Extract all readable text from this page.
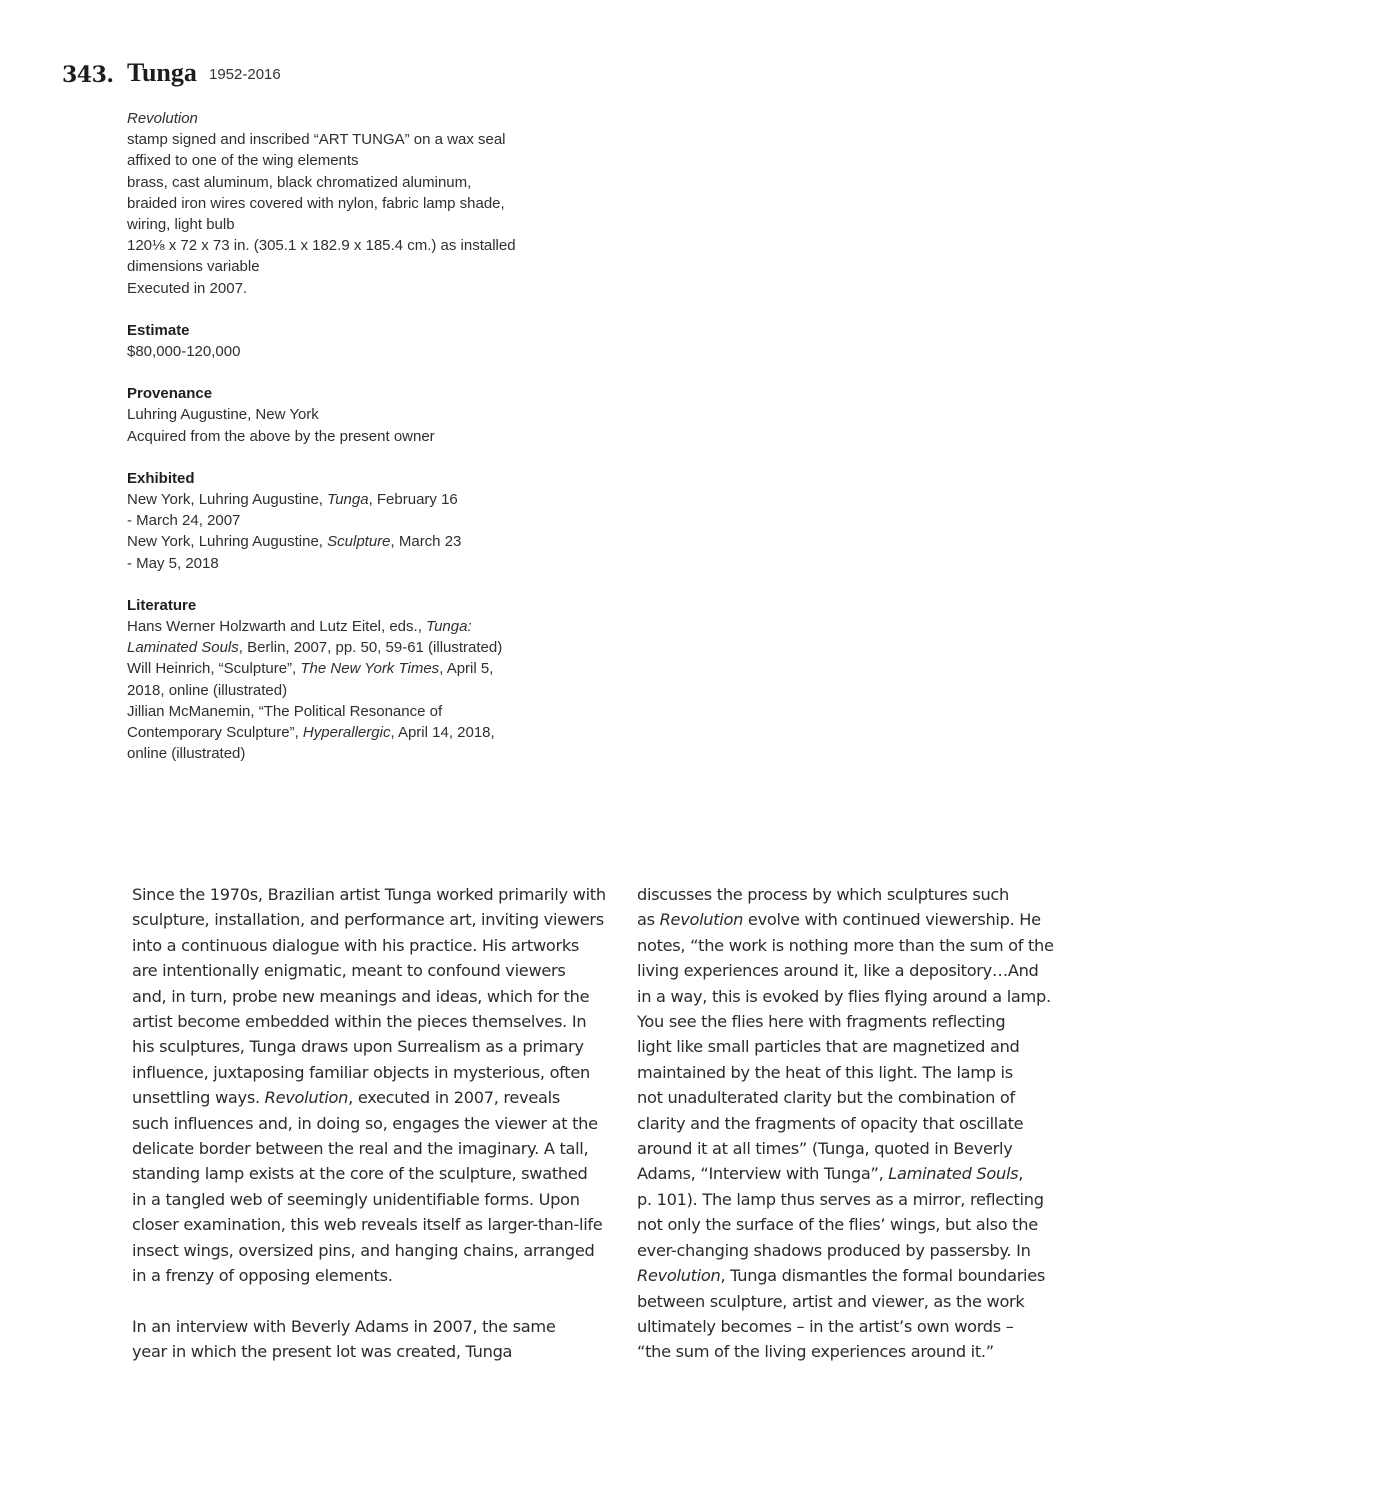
343. Tunga 1952-2016

Revolution

stamp signed and inscribed “ART TUNGA” on a wax seal

affixed to one of the wing elements

brass, cast aluminum, black chromatized aluminum,

braided iron wires covered with nylon, fabric lamp shade,

wiring, light bulb

120⅛ x 72 x 73 in. (305.1 x 182.9 x 185.4 cm.) as installed

dimensions variable

Executed in 2007.

Estimate

$80,000-120,000

Provenance

Luhring Augustine, New York

Acquired from the above by the present owner

Exhibited

New York, Luhring Augustine, Tunga, February 16

- March 24, 2007

New York, Luhring Augustine, Sculpture, March 23

- May 5, 2018

Literature

Hans Werner Holzwarth and Lutz Eitel, eds., Tunga:

Laminated Souls, Berlin, 2007, pp. 50, 59-61 (illustrated)

Will Heinrich, “Sculpture”, The New York Times, April 5,

2018, online (illustrated)

Jillian McManemin, “The Political Resonance of

Contemporary Sculpture”, Hyperallergic, April 14, 2018,

online (illustrated)

Since the 1970s, Brazilian artist Tunga worked primarily with
sculpture, installation, and performance art, inviting viewers
into a continuous dialogue with his practice. His artworks
are intentionally enigmatic, meant to confound viewers
and, in turn, probe new meanings and ideas, which for the
artist become embedded within the pieces themselves. In
his sculptures, Tunga draws upon Surrealism as a primary
influence, juxtaposing familiar objects in mysterious, often
unsettling ways. Revolution, executed in 2007, reveals
such influences and, in doing so, engages the viewer at the
delicate border between the real and the imaginary. A tall,
standing lamp exists at the core of the sculpture, swathed
in a tangled web of seemingly unidentifiable forms. Upon
closer examination, this web reveals itself as larger-than-life
insect wings, oversized pins, and hanging chains, arranged
in a frenzy of opposing elements.

In an interview with Beverly Adams in 2007, the same
year in which the present lot was created, Tunga

discusses the process by which sculptures such
as Revolution evolve with continued viewership. He
notes, “the work is nothing more than the sum of the
living experiences around it, like a depository…And
in a way, this is evoked by flies flying around a lamp.
You see the flies here with fragments reflecting
light like small particles that are magnetized and
maintained by the heat of this light. The lamp is
not unadulterated clarity but the combination of
clarity and the fragments of opacity that oscillate
around it at all times” (Tunga, quoted in Beverly
Adams, “Interview with Tunga”, Laminated Souls,
p. 101). The lamp thus serves as a mirror, reflecting
not only the surface of the flies’ wings, but also the
ever-changing shadows produced by passersby. In
Revolution, Tunga dismantles the formal boundaries
between sculpture, artist and viewer, as the work
ultimately becomes – in the artist’s own words –
“the sum of the living experiences around it.”
